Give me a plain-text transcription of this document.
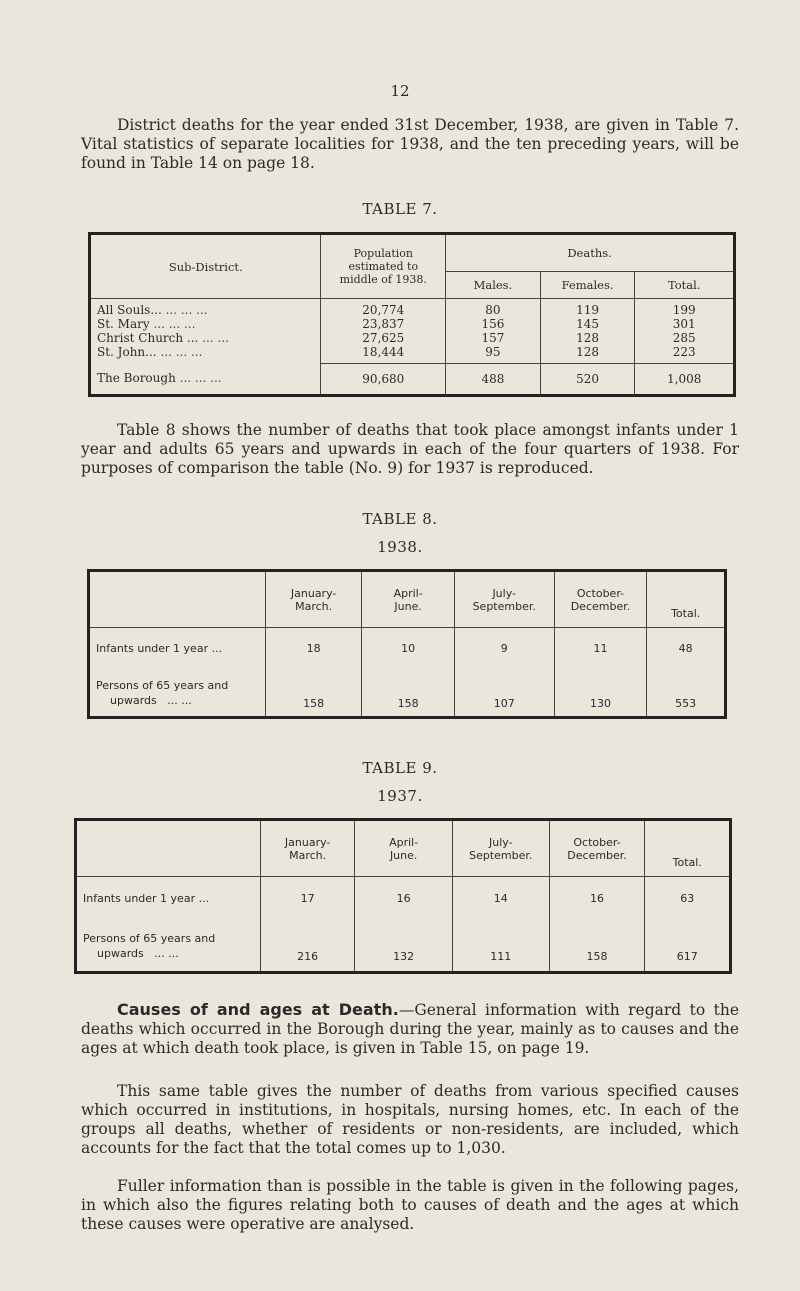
12

District deaths for the year ended 31st December, 1938, are given in Table 7. Vital statistics of separate localities for 1938, and the ten preceding years, will be found in Table 14 on page 18.

TABLE 7.
Sub-District.	Population estimated to middle of 1938.	Deaths.		
		Males.	Females.	Total.
All Souls... ... ... ...	20,774	80	119	199
St. Mary ... ... ...	23,837	156	145	301
Christ Church ... ... ...	27,625	157	128	285
St. John... ... ... ...	18,444	95	128	223
The Borough ... ... ...	90,680	488	520	1,008

Table 8 shows the number of deaths that took place amongst infants under 1 year and adults 65 years and upwards in each of the four quarters of 1938. For purposes of comparison the table (No. 9) for 1937 is reproduced.

TABLE 8.
1938.
	January-
March.	April-
June.	July-
September.	October-
December.	Total.
Infants under 1 year ...	18	10	9	11	48

Persons of 65 years and
upwards ... ...	158	158	107	130	553
TABLE 9.
1937.
	January-
March.	April-
June.	July-
September.	October-
December.	Total.
Infants under 1 year ...	17	16	14	16	63

Persons of 65 years and
upwards ... ...	216	132	111	158	617

Causes of and ages at Death.—General information with regard to the deaths which occurred in the Borough during the year, mainly as to causes and the ages at which death took place, is given in Table 15, on page 19.

This same table gives the number of deaths from various specified causes which occurred in institutions, in hospitals, nursing homes, etc. In each of the groups all deaths, whether of residents or non-residents, are included, which accounts for the fact that the total comes up to 1,030.

Fuller information than is possible in the table is given in the following pages, in which also the figures relating both to causes of death and the ages at which these causes were operative are analysed.
